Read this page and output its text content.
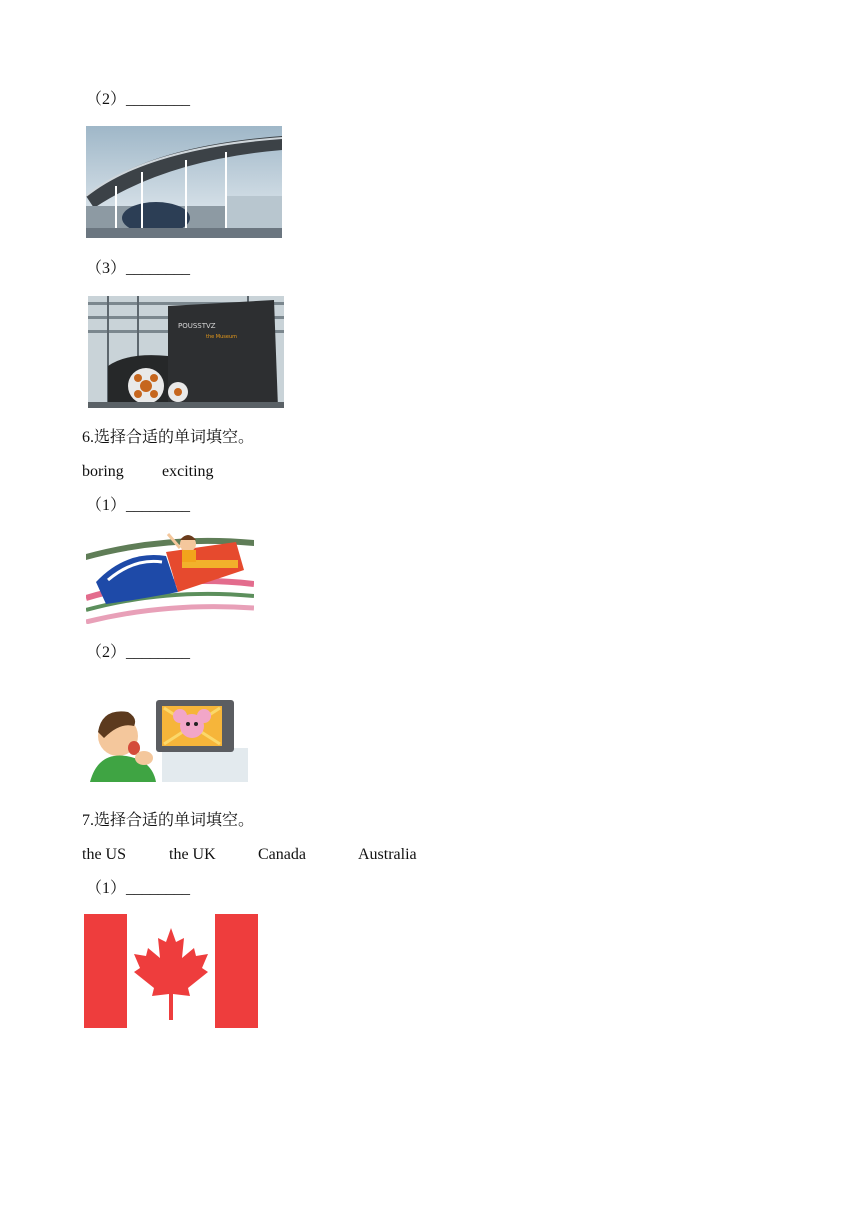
（2）________
（3）________
POUSSTVZ
the Museum
6.选择合适的单词填空。
boring exciting
（1）________
（2）________
7.选择合适的单词填空。
the US	the UK	Canada	Australia
（1）________
